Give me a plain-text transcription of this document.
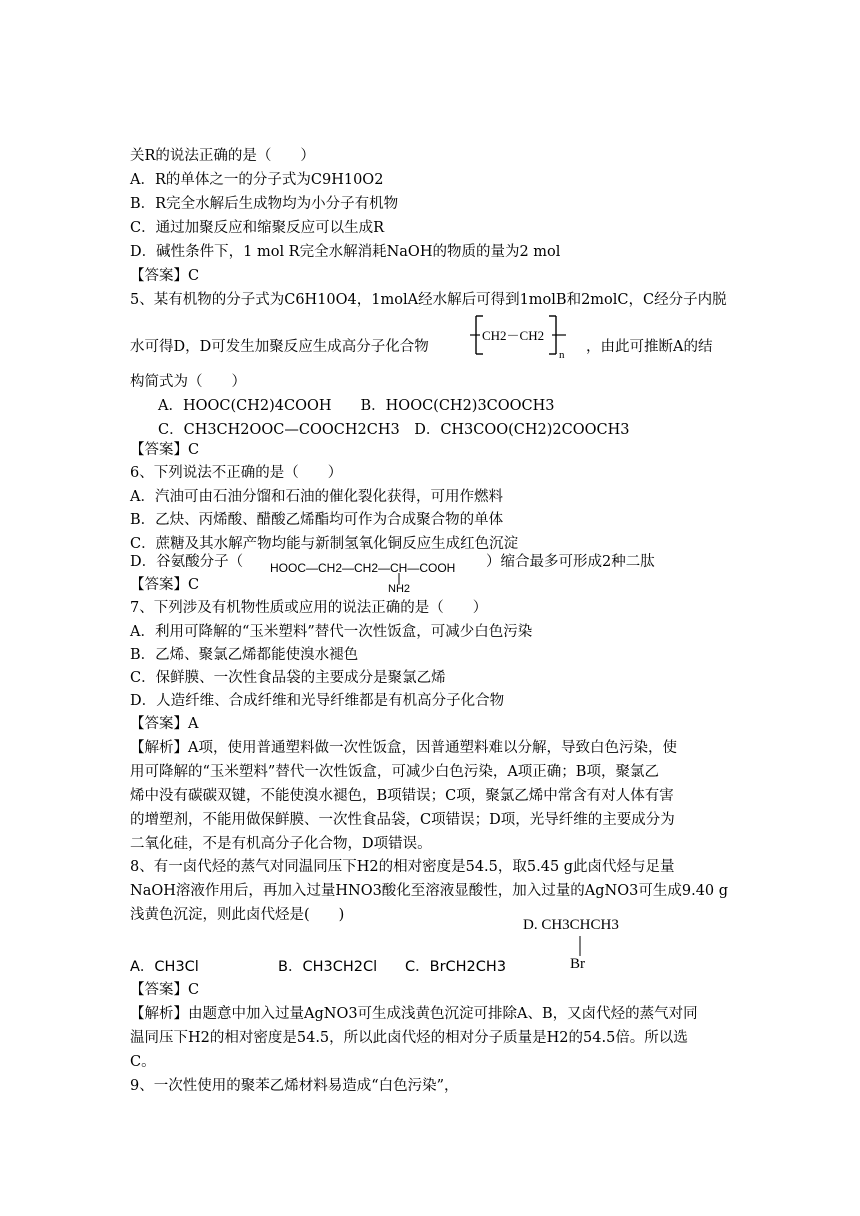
关R的说法正确的是（　　）
A．R的单体之一的分子式为C9H10O2
B．R完全水解后生成物均为小分子有机物
C．通过加聚反应和缩聚反应可以生成R
D．碱性条件下，1 mol R完全水解消耗NaOH的物质的量为2 mol
【答案】C
5、某有机物的分子式为C6H10O4，1molA经水解后可得到1molB和2molC，C经分子内脱
水可得D，D可发生加聚反应生成高分子化合物
CH2－CH2
n ，由此可推断A的结
构简式为（　　）
A．HOOC(CH2)4COOH　　B．HOOC(CH2)3COOCH3
C．CH3CH2OOC—COOCH2CH3　D．CH3COO(CH2)2COOCH3
【答案】C
6、下列说法不正确的是（　　）
A．汽油可由石油分馏和石油的催化裂化获得，可用作燃料
B．乙炔、丙烯酸、醋酸乙烯酯均可作为合成聚合物的单体
C．蔗糖及其水解产物均能与新制氢氧化铜反应生成红色沉淀
D．谷氨酸分子（ HOOC—CH2—CH2—CH—COOH
NH2
）缩合最多可形成2种二肽
【答案】C
7、下列涉及有机物性质或应用的说法正确的是（　　）
A．利用可降解的“玉米塑料”替代一次性饭盒，可减少白色污染
B．乙烯、聚氯乙烯都能使溴水褪色
C．保鲜膜、一次性食品袋的主要成分是聚氯乙烯
D．人造纤维、合成纤维和光导纤维都是有机高分子化合物
【答案】A
【解析】A项，使用普通塑料做一次性饭盒，因普通塑料难以分解，导致白色污染，使
用可降解的“玉米塑料”替代一次性饭盒，可减少白色污染，A项正确；B项，聚氯乙
烯中没有碳碳双键，不能使溴水褪色，B项错误；C项，聚氯乙烯中常含有对人体有害
的增塑剂，不能用做保鲜膜、一次性食品袋，C项错误；D项，光导纤维的主要成分为
二氧化硅，不是有机高分子化合物，D项错误。
8、有一卤代烃的蒸气对同温同压下H2的相对密度是54.5，取5.45 g此卤代烃与足量
NaOH溶液作用后，再加入过量HNO3酸化至溶液显酸性，加入过量的AgNO3可生成9.40 g
浅黄色沉淀，则此卤代烃是(　　)
A．CH3Cl	B．CH3CH2Cl C．BrCH2CH3
D. CH3CHCH3
Br
【答案】C
【解析】由题意中加入过量AgNO3可生成浅黄色沉淀可排除A、B，又卤代烃的蒸气对同
温同压下H2的相对密度是54.5，所以此卤代烃的相对分子质量是H2的54.5倍。所以选
C。
9、一次性使用的聚苯乙烯材料易造成“白色污染”，
